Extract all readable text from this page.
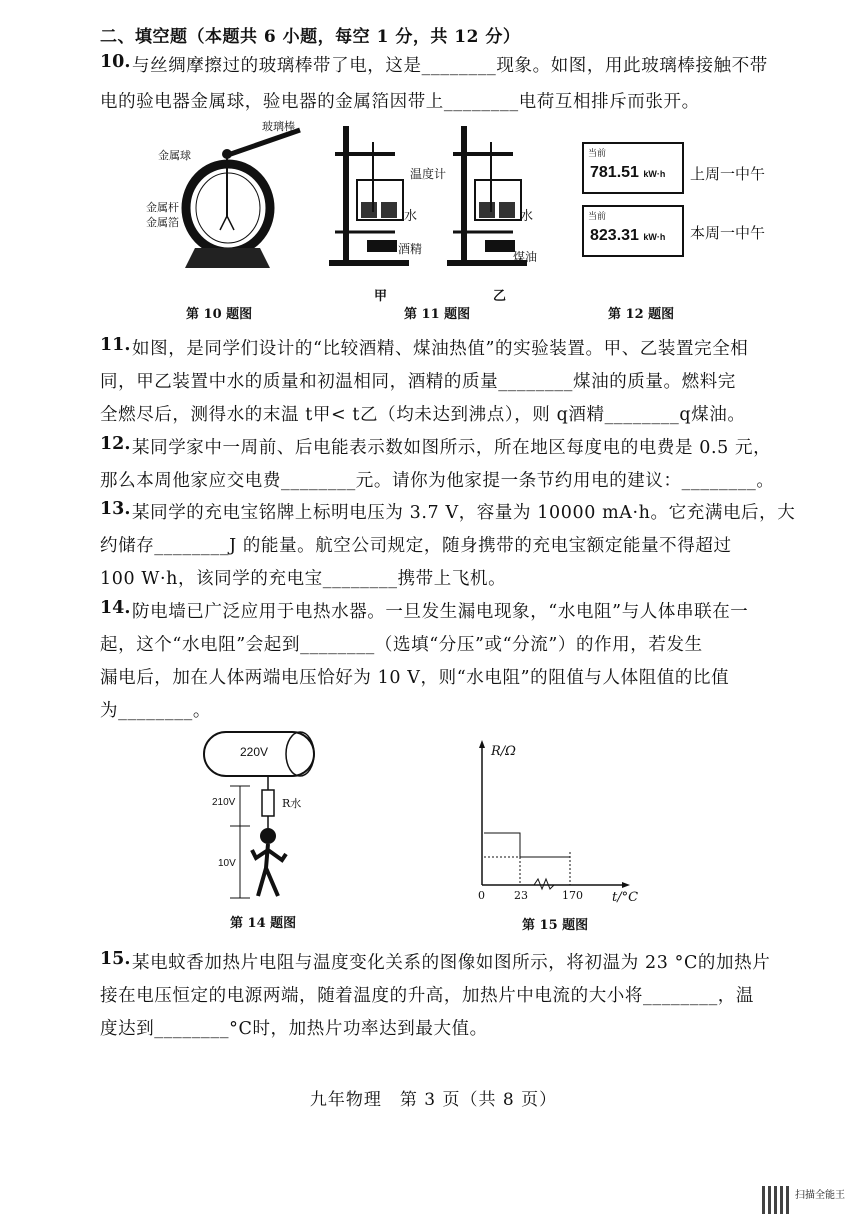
二、填空题（本题共 6 小题，每空 1 分，共 12 分）
10. 与丝绸摩擦过的玻璃棒带了电，这是________现象。如图，用此玻璃棒接触不带
电的验电器金属球，验电器的金属箔因带上________电荷互相排斥而张开。
玻璃棒
金属球
金属杆
金属箔
第 10 题图
温度计
水	水
酒精
煤油
甲	乙
第 11 题图
当前
781.51 kW·h
当前
823.31 kW·h
上周一中午
本周一中午
第 12 题图
11. 如图，是同学们设计的“比较酒精、煤油热值”的实验装置。甲、乙装置完全相
同，甲乙装置中水的质量和初温相同，酒精的质量________煤油的质量。燃料完
全燃尽后，测得水的末温 t甲< t乙（均未达到沸点），则 q酒精________q煤油。
12. 某同学家中一周前、后电能表示数如图所示，所在地区每度电的电费是 0.5 元，
那么本周他家应交电费________元。请你为他家提一条节约用电的建议：________。
13. 某同学的充电宝铭牌上标明电压为 3.7 V，容量为 10000 mA·h。它充满电后，大
约储存________J 的能量。航空公司规定，随身携带的充电宝额定能量不得超过
100 W·h，该同学的充电宝________携带上飞机。
14. 防电墙已广泛应用于电热水器。一旦发生漏电现象，“水电阻”与人体串联在一
起，这个“水电阻”会起到________（选填“分压”或“分流”）的作用，若发生
漏电后，加在人体两端电压恰好为 10 V，则“水电阻”的阻值与人体阻值的比值
为________。
220V
210V	R水
10V
第 14 题图
R/Ω
0	23	170 t/°C
第 15 题图
15. 某电蚊香加热片电阻与温度变化关系的图像如图所示，将初温为 23 °C的加热片
接在电压恒定的电源两端，随着温度的升高，加热片中电流的大小将________，温
度达到________°C时，加热片功率达到最大值。
九年物理　第 3 页（共 8 页）
扫描全能王
